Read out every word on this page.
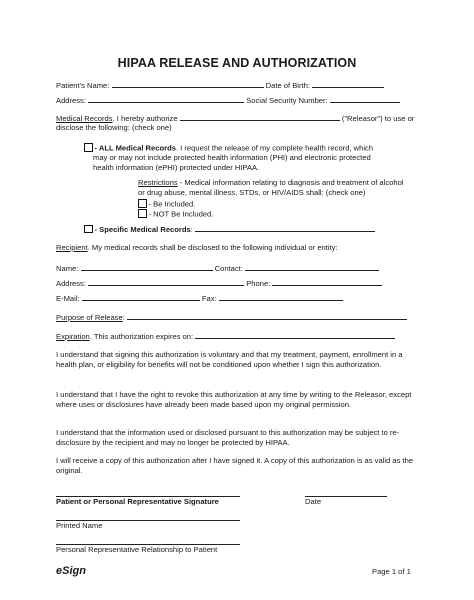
HIPAA RELEASE AND AUTHORIZATION
Patient's Name:	Date of Birth:
Address:	Social Security Number:
Medical Records. I hereby authorize	("Releasor") to use or
disclose the following: (check one)
- ALL Medical Records. I request the release of my complete health record, which
may or may not include protected health information (PHI) and electronic protected
health information (ePHI) protected under HIPAA.
Restrictions - Medical information relating to diagnosis and treatment of alcohol
or drug abuse, mental illness, STDs, or HIV/AIDS shall: (check one)
- Be Included.
- NOT Be Included.
- Specific Medical Records:
Recipient. My medical records shall be disclosed to the following individual or entity:
Name:	Contact:
Address:	Phone:
E-Mail:	Fax:
Purpose of Release:
Expiration. This authorization expires on:
I understand that signing this authorization is voluntary and that my treatment, payment, enrollment in a health plan, or eligibility for benefits will not be conditioned upon whether I sign this authorization.
I understand that I have the right to revoke this authorization at any time by writing to the Releasor, except where uses or disclosures have already been made based upon my original permission.
I understand that the information used or disclosed pursuant to this authorization may be subject to re-disclosure by the recipient and may no longer be protected by HIPAA.
I will receive a copy of this authorization after I have signed it. A copy of this authorization is as valid as the original.
Patient or Personal Representative Signature	Date
Printed Name
Personal Representative Relationship to Patient
eSign	Page 1 of 1
